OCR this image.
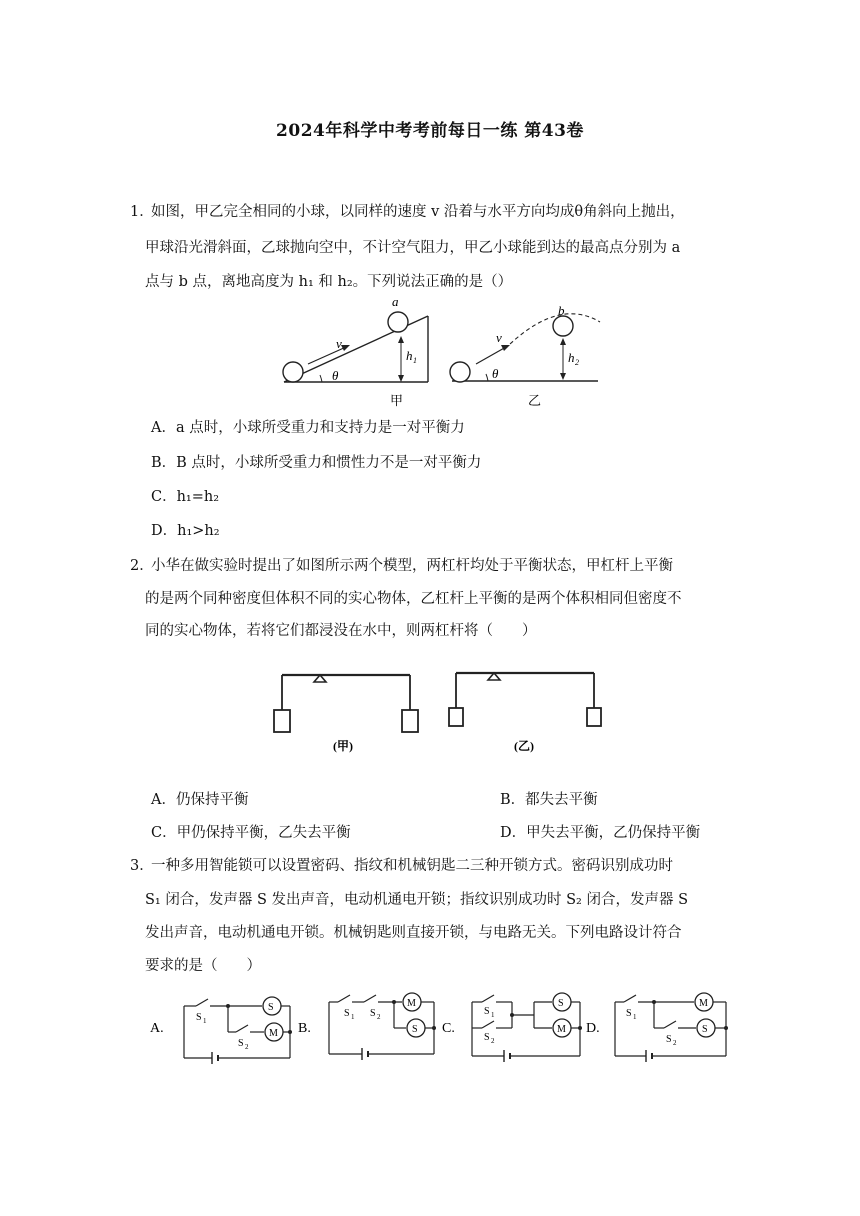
2024年科学中考考前每日一练 第43卷
1．
如图，甲乙完全相同的小球，以同样的速度 v 沿着与水平方向均成θ角斜向上抛出，
甲球沿光滑斜面，乙球抛向空中，不计空气阻力，甲乙小球能到达的最高点分别为 a
点与 b 点，离地高度为 h₁ 和 h₂。下列说法正确的是（）
a
v
θ
h 1
甲
b
v
θ
h 2
乙
A．a 点时，小球所受重力和支持力是一对平衡力
B．B 点时，小球所受重力和惯性力不是一对平衡力
C．h₁=h₂
D．h₁>h₂
2．
小华在做实验时提出了如图所示两个模型，两杠杆均处于平衡状态，甲杠杆上平衡
的是两个同种密度但体积不同的实心物体，乙杠杆上平衡的是两个体积相同但密度不
同的实心物体，若将它们都浸没在水中，则两杠杆将（　　）
(甲)	(乙)
A．仍保持平衡	B．都失去平衡
C．甲仍保持平衡，乙失去平衡	D．甲失去平衡，乙仍保持平衡
3．
一种多用智能锁可以设置密码、指纹和机械钥匙二三种开锁方式。密码识别成功时
S₁ 闭合，发声器 S 发出声音，电动机通电开锁；指纹识别成功时 S₂ 闭合，发声器 S
发出声音，电动机通电开锁。机械钥匙则直接开锁，与电路无关。下列电路设计符合
要求的是（　　）
A.
S
S 1
M
S 2
B.
M
S
S 1 S 2
C.
S
M
S 1
S 2
D.
M
S
S 1
S 2
